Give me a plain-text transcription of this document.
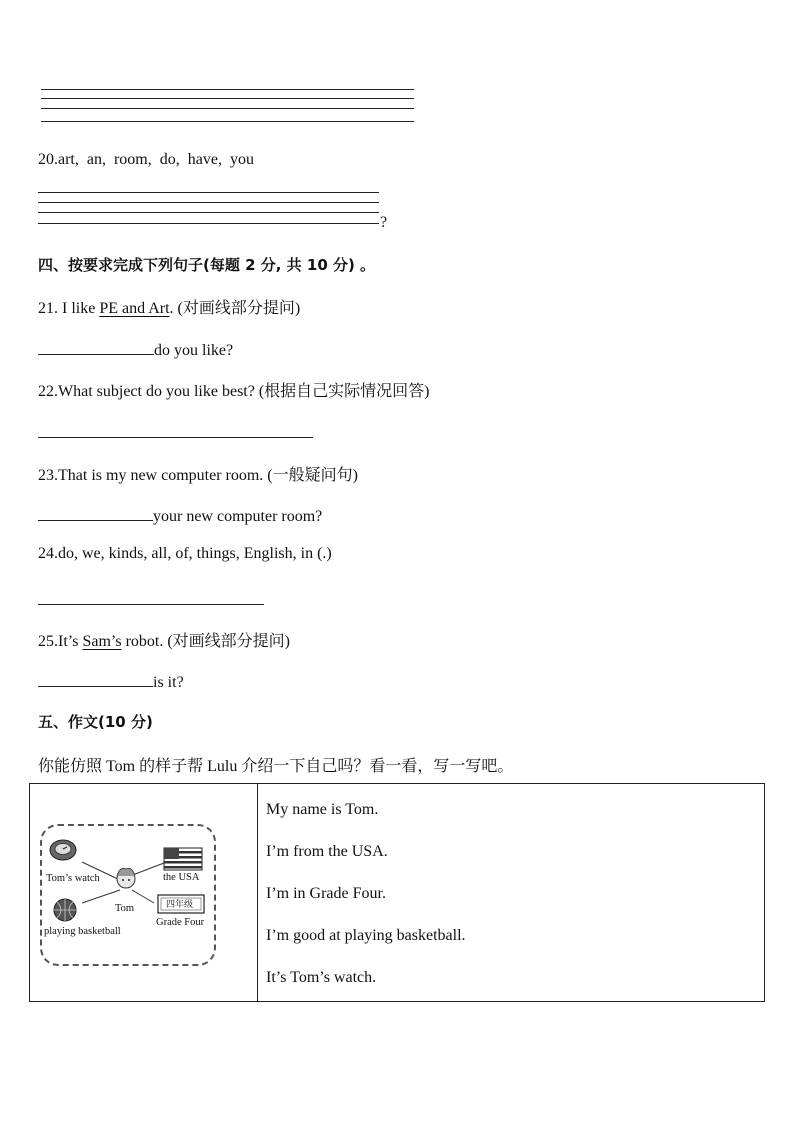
20.art, an, room, do, have, you
?
四、按要求完成下列句子(每题 2 分, 共 10 分) 。
21. I like PE and Art. (对画线部分提问)
do you like?
22.What subject do you like best? (根据自己实际情况回答)
23.That is my new computer room. (一般疑问句)
your new computer room?
24.do, we, kinds, all, of, things, English, in (.)
25.It’s Sam’s robot. (对画线部分提问)
is it?
五、作文(10 分)
你能仿照 Tom 的样子帮 Lulu 介绍一下自己吗？看一看，写一写吧。
Tom’s watch	the USA
Tom	四年级
Grade Four
playing basketball

My name is Tom.

I’m from the USA.

I’m in Grade Four.

I’m good at playing basketball.

It’s Tom’s watch.
